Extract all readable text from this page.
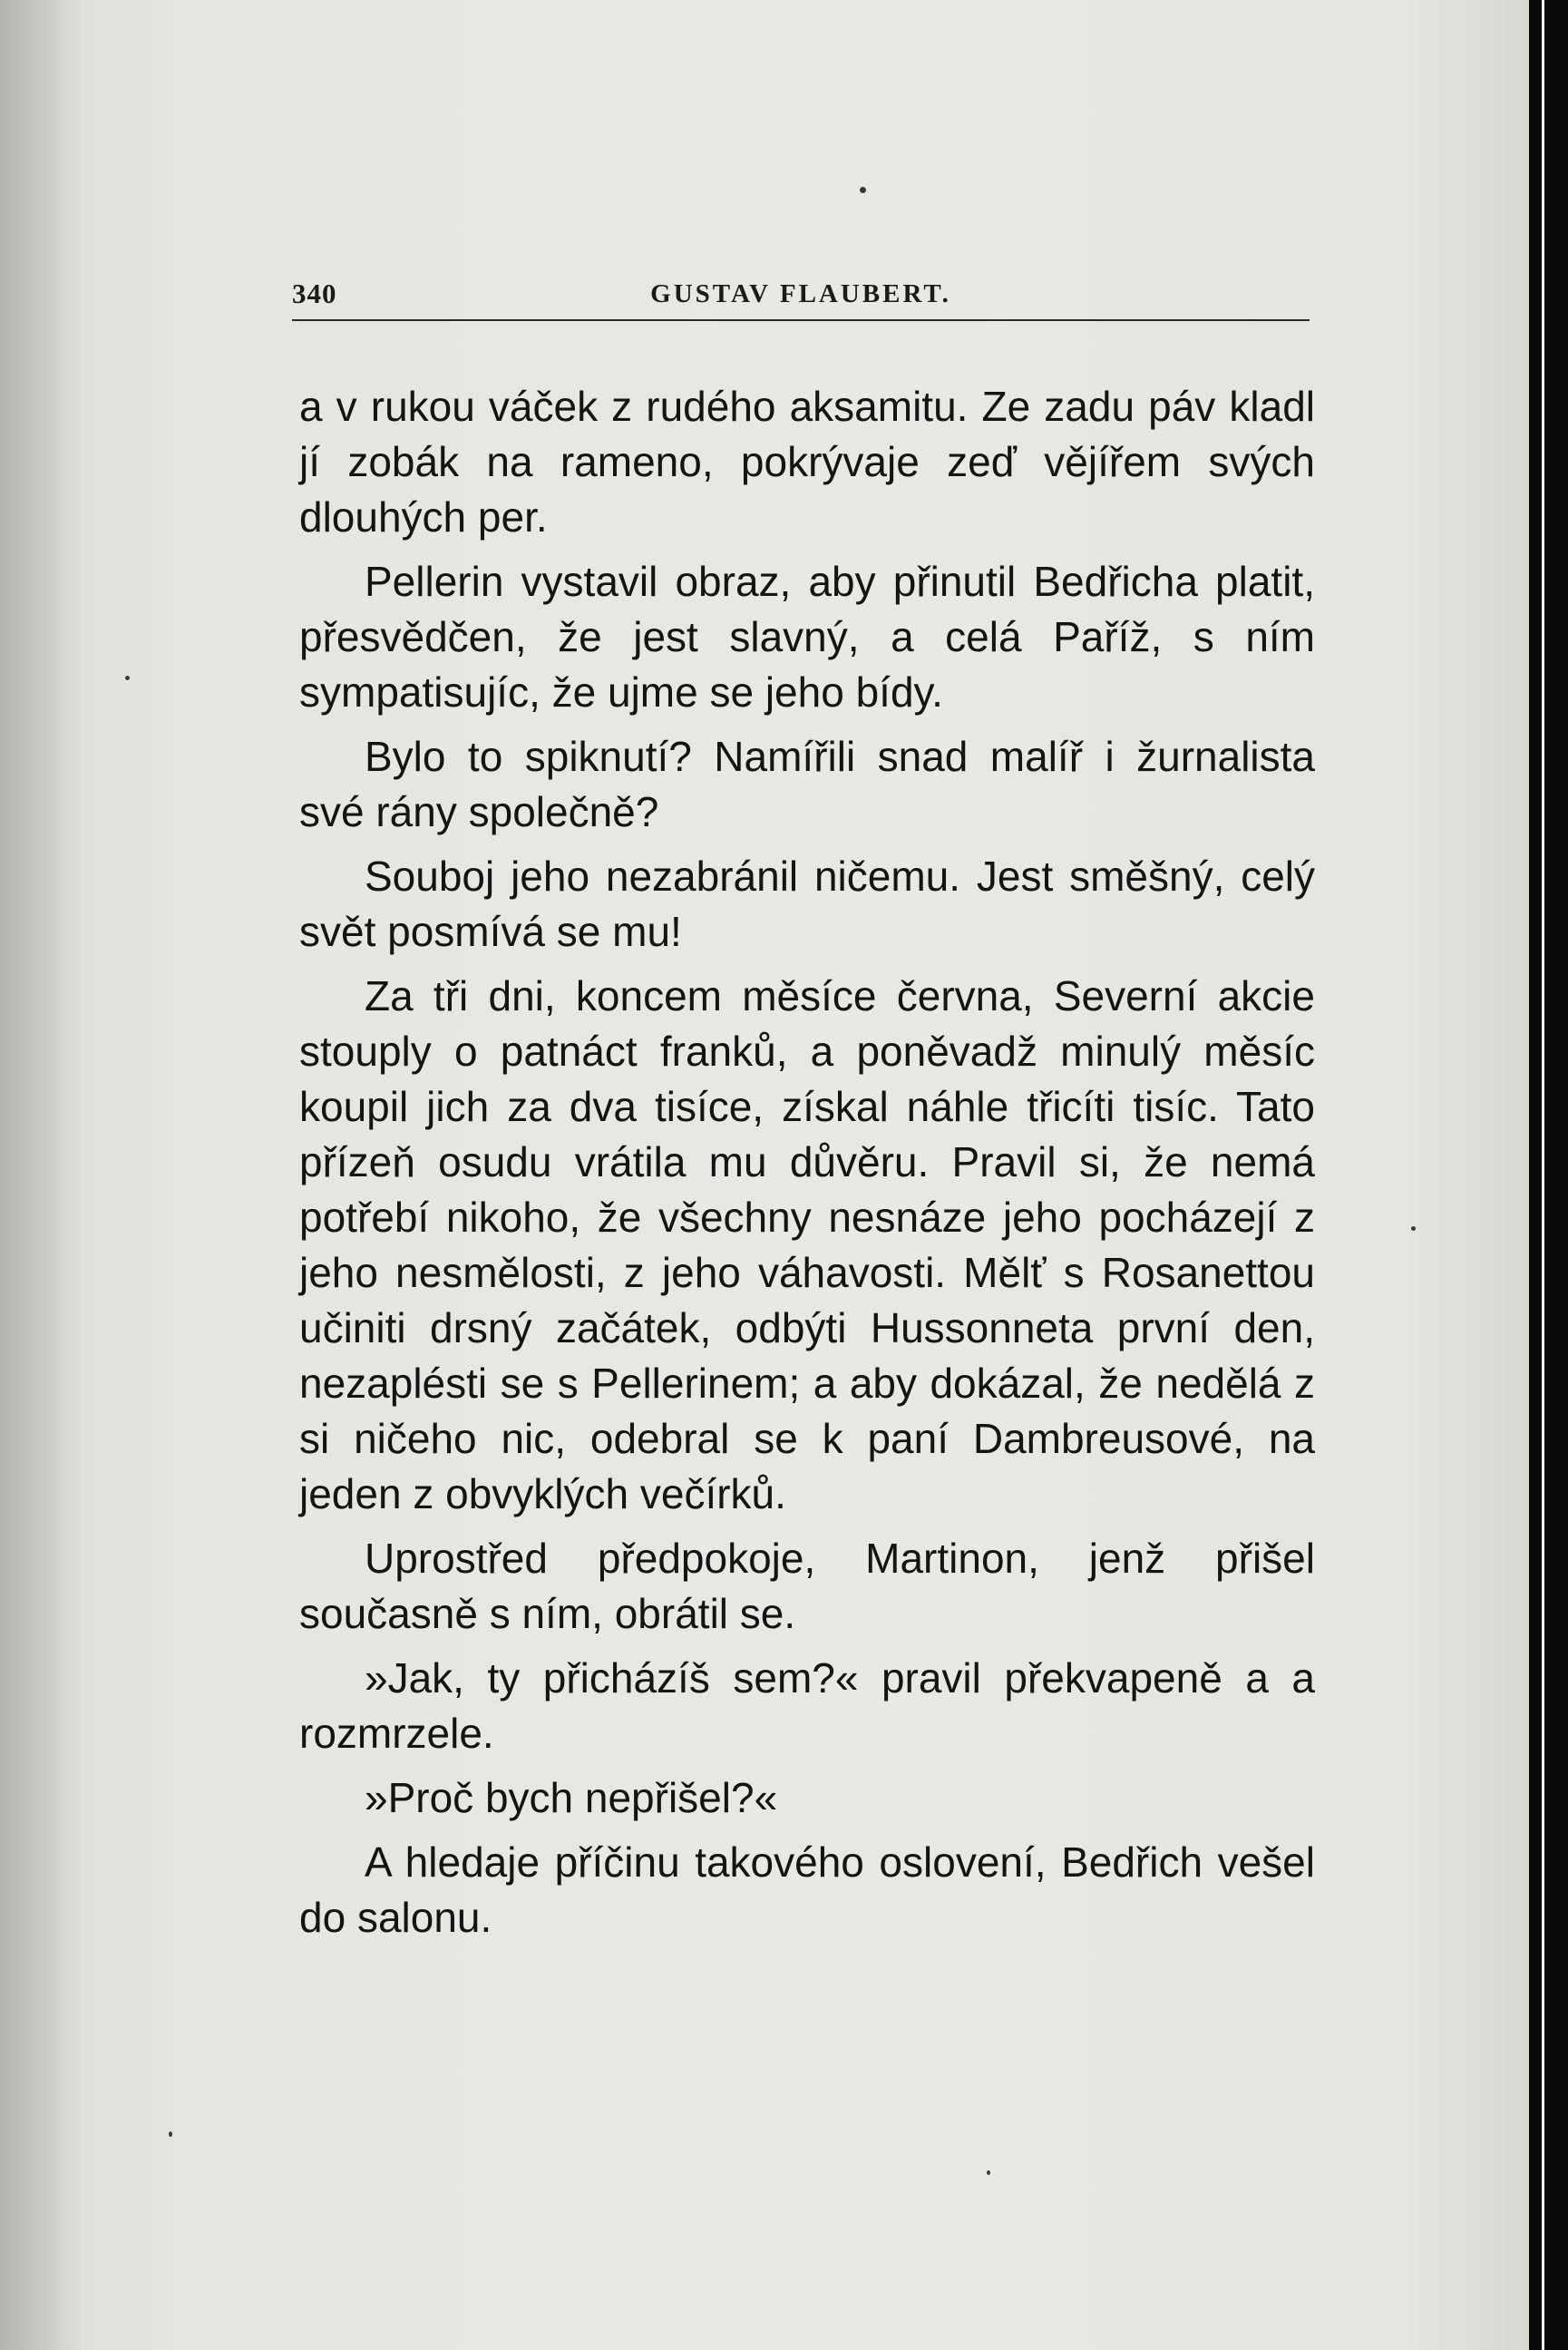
340	GUSTAV FLAUBERT.

a v rukou váček z rudého aksamitu. Ze zadu páv kladl jí zobák na rameno, pokrývaje zeď vějířem svých dlouhých per.

Pellerin vystavil obraz, aby přinutil Bedřicha platit, přesvědčen, že jest slavný, a celá Paříž, s ním sympatisujíc, že ujme se jeho bídy.

Bylo to spiknutí? Namířili snad malíř i žurnalista své rány společně?

Souboj jeho nezabránil ničemu. Jest směšný, celý svět posmívá se mu!

Za tři dni, koncem měsíce června, Severní akcie stouply o patnáct franků, a poněvadž minulý měsíc koupil jich za dva tisíce, získal náhle třicíti tisíc. Tato přízeň osudu vrátila mu důvěru. Pravil si, že nemá potřebí nikoho, že všechny nesnáze jeho pocházejí z jeho nesmělosti, z jeho váhavosti. Mělť s Rosanettou učiniti drsný začátek, odbýti Hussonneta první den, nezaplésti se s Pellerinem; a aby dokázal, že nedělá z si ničeho nic, odebral se k paní Dambreusové, na jeden z obvyklých večírků.

Uprostřed předpokoje, Martinon, jenž přišel současně s ním, obrátil se.

»Jak, ty přicházíš sem?« pravil překvapeně a a rozmrzele.

»Proč bych nepřišel?«

A hledaje příčinu takového oslovení, Bedřich vešel do salonu.
